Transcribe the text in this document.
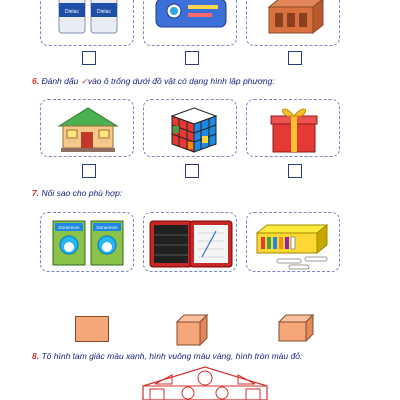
Dielac	Dielac
6. Đánh dấu ✓vào ô trống dưới đồ vật có dạng hình lập phương:
7. Nối sao cho phù hợp:
Doraemon	Doraemon
8. Tô hình tam giác màu xanh, hình vuông màu vàng, hình tròn màu đỏ:
